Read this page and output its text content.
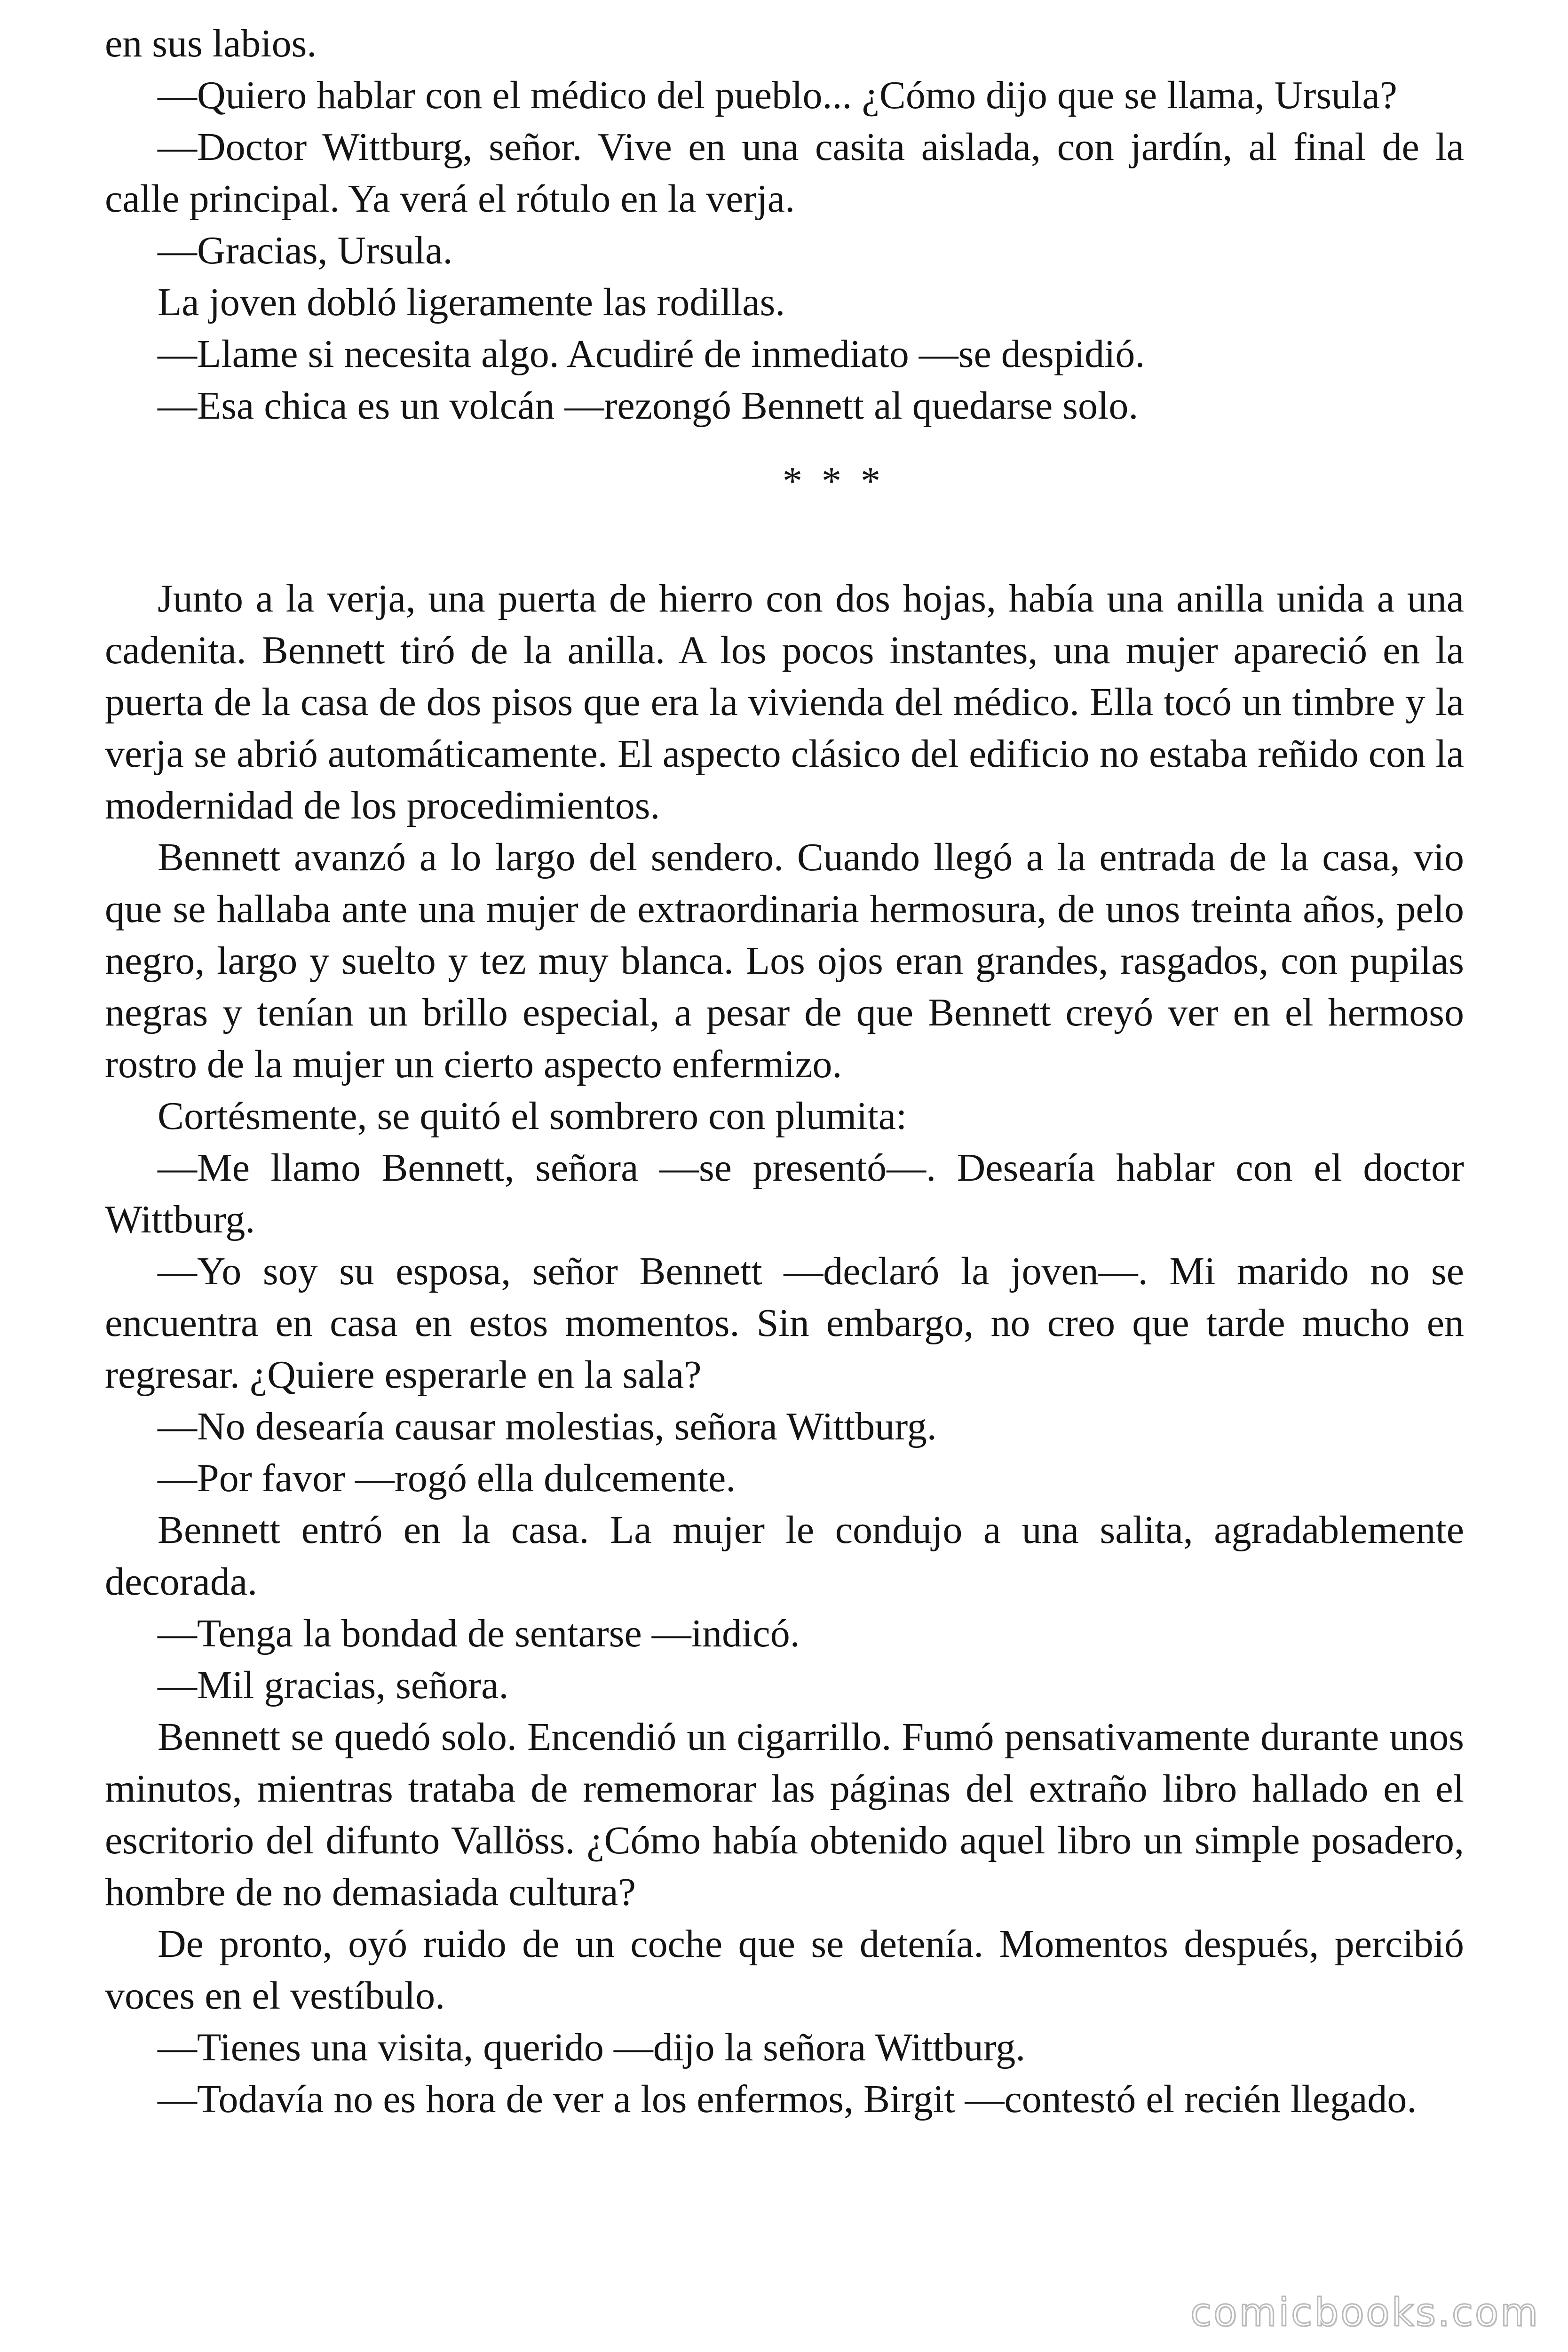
en sus labios.

—Quiero hablar con el médico del pueblo... ¿Cómo dijo que se llama, Ursula?

—Doctor Wittburg, señor. Vive en una casita aislada, con jardín, al final de la calle principal. Ya verá el rótulo en la verja.

—Gracias, Ursula.

La joven dobló ligeramente las rodillas.

—Llame si necesita algo. Acudiré de inmediato —se despidió.

—Esa chica es un volcán —rezongó Bennett al quedarse solo.

* * *

Junto a la verja, una puerta de hierro con dos hojas, había una anilla unida a una cadenita. Bennett tiró de la anilla. A los pocos instantes, una mujer apareció en la puerta de la casa de dos pisos que era la vivienda del médico. Ella tocó un timbre y la verja se abrió automáticamente. El aspecto clásico del edificio no estaba reñido con la modernidad de los procedimientos.

Bennett avanzó a lo largo del sendero. Cuando llegó a la entrada de la casa, vio que se hallaba ante una mujer de extraordinaria hermosura, de unos treinta años, pelo negro, largo y suelto y tez muy blanca. Los ojos eran grandes, rasgados, con pupilas negras y tenían un brillo especial, a pesar de que Bennett creyó ver en el hermoso rostro de la mujer un cierto aspecto enfermizo.

Cortésmente, se quitó el sombrero con plumita:

—Me llamo Bennett, señora —se presentó—. Desearía hablar con el doctor Wittburg.

—Yo soy su esposa, señor Bennett —declaró la joven—. Mi marido no se encuentra en casa en estos momentos. Sin embargo, no creo que tarde mucho en regresar. ¿Quiere esperarle en la sala?

—No desearía causar molestias, señora Wittburg.

—Por favor —rogó ella dulcemente.

Bennett entró en la casa. La mujer le condujo a una salita, agradablemente decorada.

—Tenga la bondad de sentarse —indicó.

—Mil gracias, señora.

Bennett se quedó solo. Encendió un cigarrillo. Fumó pensativamente durante unos minutos, mientras trataba de rememorar las páginas del extraño libro hallado en el escritorio del difunto Vallöss. ¿Cómo había obtenido aquel libro un simple posadero, hombre de no demasiada cultura?

De pronto, oyó ruido de un coche que se detenía. Momentos después, percibió voces en el vestíbulo.

—Tienes una visita, querido —dijo la señora Wittburg.

—Todavía no es hora de ver a los enfermos, Birgit —contestó el recién llegado.

comicbooks.com
